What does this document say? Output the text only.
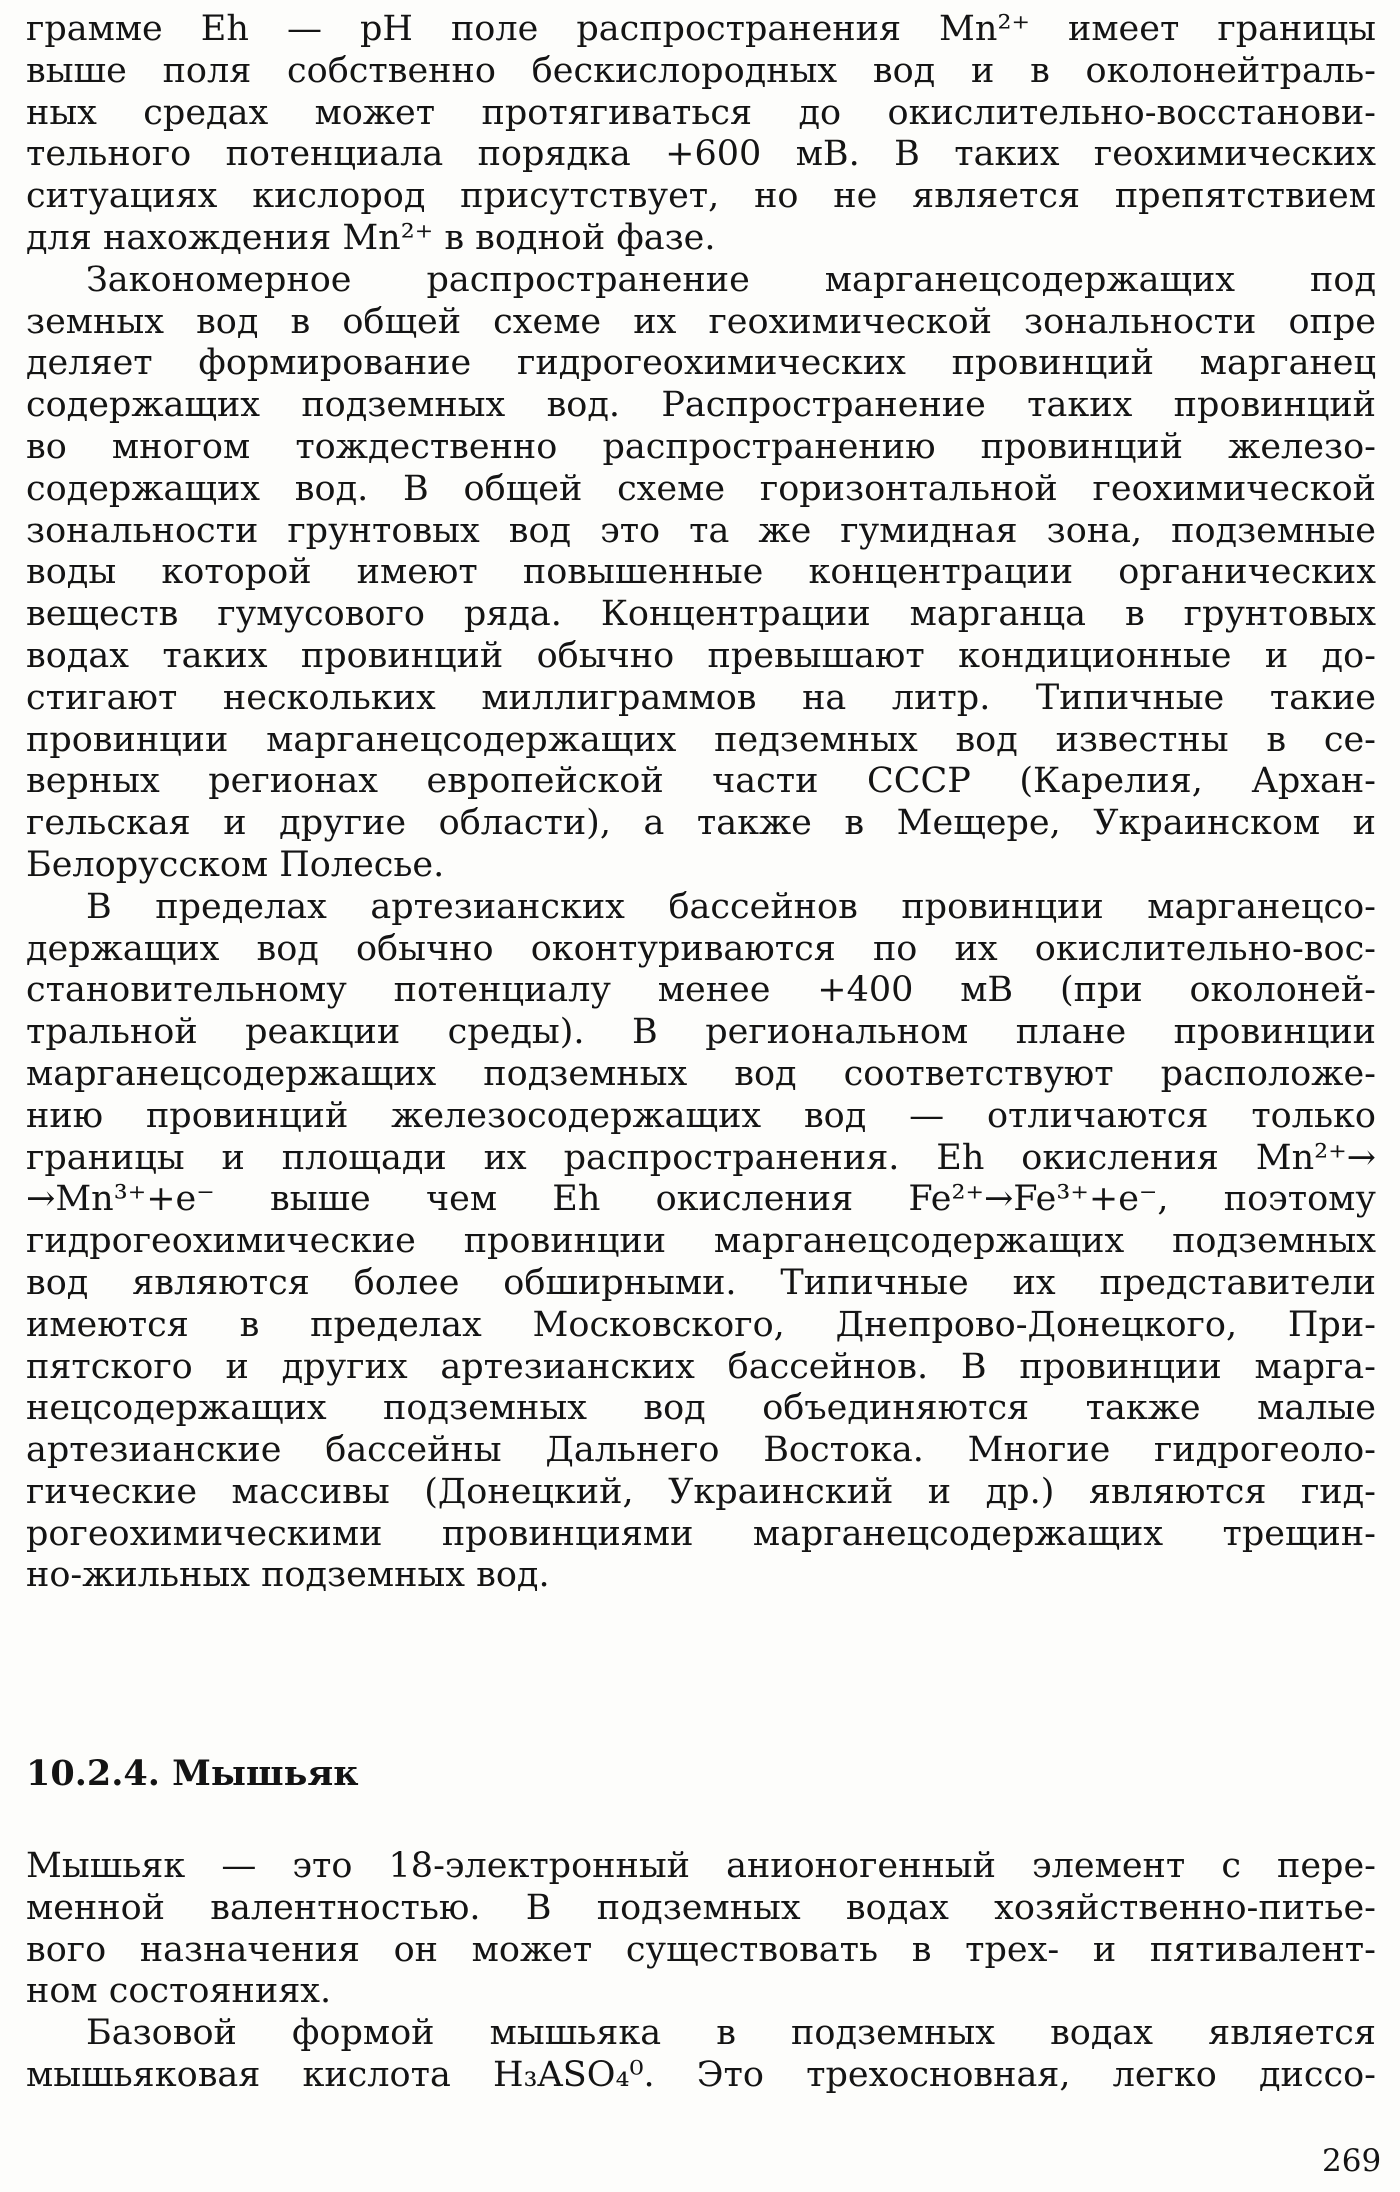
грамме Eh — pH поле распространения Mn²⁺ имеет границы
выше поля собственно бескислородных вод и в околонейтраль-
ных средах может протягиваться до окислительно-восстанови-
тельного потенциала порядка +600 мВ. В таких геохимических
ситуациях кислород присутствует, но не является препятствием
для нахождения Mn²⁺ в водной фазе.
Закономерное распространение марганецсодержащих под
земных вод в общей схеме их геохимической зональности опре
деляет формирование гидрогеохимических провинций марганец
содержащих подземных вод. Распространение таких провинций
во многом тождественно распространению провинций железо-
содержащих вод. В общей схеме горизонтальной геохимической
зональности грунтовых вод это та же гумидная зона, подземные
воды которой имеют повышенные концентрации органических
веществ гумусового ряда. Концентрации марганца в грунтовых
водах таких провинций обычно превышают кондиционные и до-
стигают нескольких миллиграммов на литр. Типичные такие
провинции марганецсодержащих педземных вод известны в се-
верных регионах европейской части СССР (Карелия, Архан-
гельская и другие области), а также в Мещере, Украинском и
Белорусском Полесье.
В пределах артезианских бассейнов провинции марганецсо-
держащих вод обычно оконтуриваются по их окислительно-вос-
становительному потенциалу менее +400 мВ (при околоней-
тральной реакции среды). В региональном плане провинции
марганецсодержащих подземных вод соответствуют расположе-
нию провинций железосодержащих вод — отличаются только
границы и площади их распространения. Eh окисления Mn²⁺→
→Mn³⁺+e⁻ выше чем Eh окисления Fe²⁺→Fe³⁺+e⁻, поэтому
гидрогеохимические провинции марганецсодержащих подземных
вод являются более обширными. Типичные их представители
имеются в пределах Московского, Днепрово-Донецкого, При-
пятского и других артезианских бассейнов. В провинции марга-
нецсодержащих подземных вод объединяются также малые
артезианские бассейны Дальнего Востока. Многие гидрогеоло-
гические массивы (Донецкий, Украинский и др.) являются гид-
рогеохимическими провинциями марганецсодержащих трещин-
но-жильных подземных вод.
10.2.4. Мышьяк
Мышьяк — это 18-электронный анионогенный элемент с пере-
менной валентностью. В подземных водах хозяйственно-питье-
вого назначения он может существовать в трех- и пятивалент-
ном состояниях.
Базовой формой мышьяка в подземных водах является
мышьяковая кислота H₃ASO₄⁰. Это трехосновная, легко диссо-
269
